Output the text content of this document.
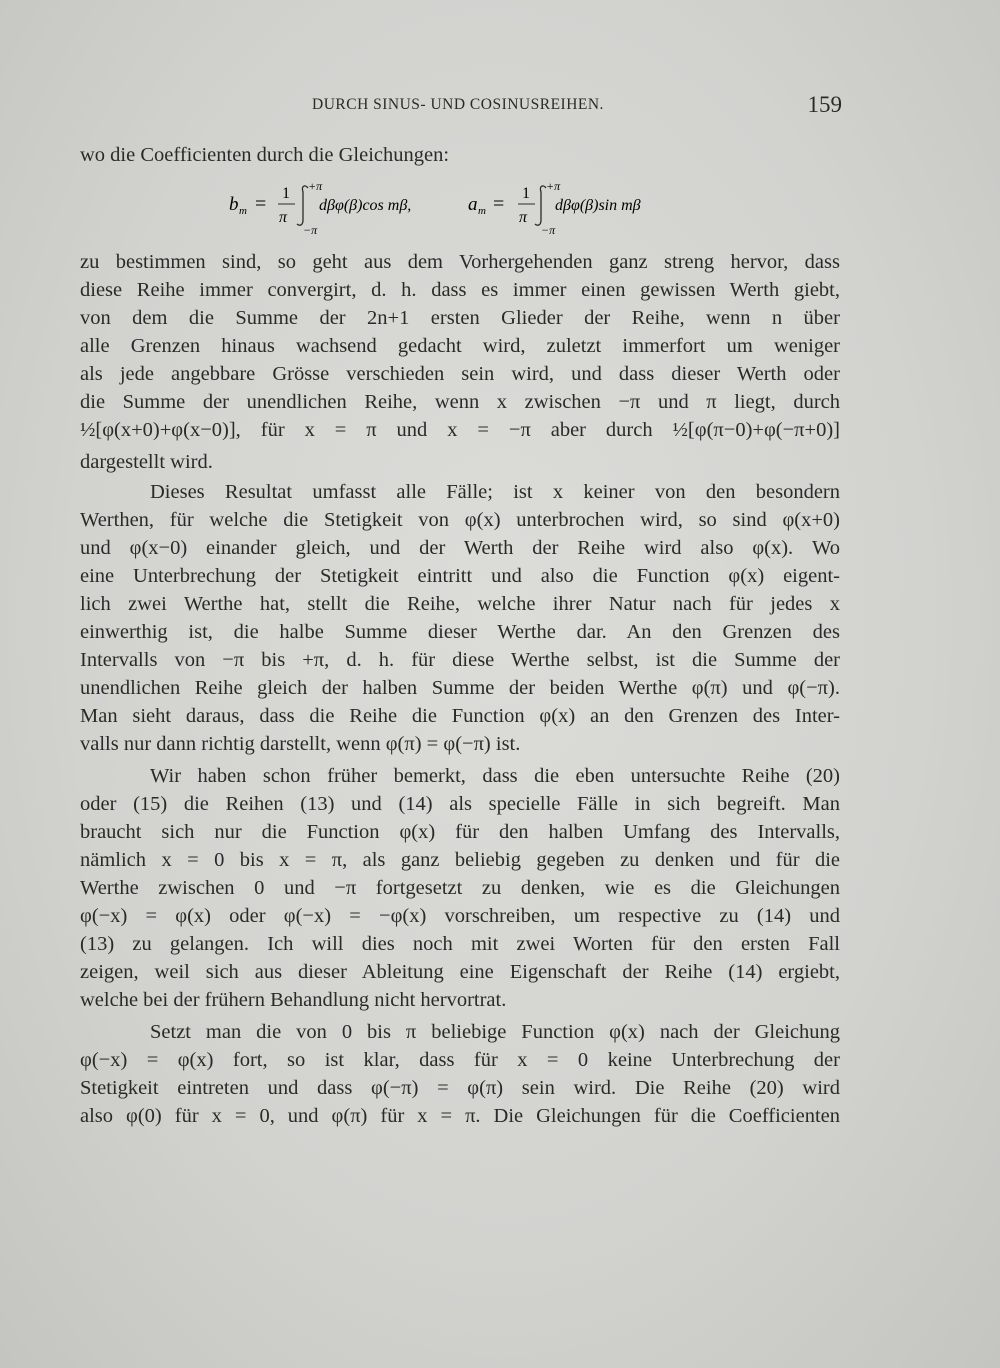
DURCH SINUS- UND COSINUSREIHEN.	159
b m = 1
π
+π
−π
dβφ(β)cos mβ,	a m = 1
π
+π
−π
dβφ(β)sin mβ
wo die Coefficienten durch die Gleichungen:
zu bestimmen sind, so geht aus dem Vorhergehenden ganz streng hervor, dass
diese Reihe immer convergirt, d. h. dass es immer einen gewissen Werth giebt,
von dem die Summe der 2n+1 ersten Glieder der Reihe, wenn n über
alle Grenzen hinaus wachsend gedacht wird, zuletzt immerfort um weniger
als jede angebbare Grösse verschieden sein wird, und dass dieser Werth oder
die Summe der unendlichen Reihe, wenn x zwischen −π und π liegt, durch
½[φ(x+0)+φ(x−0)], für x = π und x = −π aber durch ½[φ(π−0)+φ(−π+0)]
dargestellt wird.
Dieses Resultat umfasst alle Fälle; ist x keiner von den besondern
Werthen, für welche die Stetigkeit von φ(x) unterbrochen wird, so sind φ(x+0)
und φ(x−0) einander gleich, und der Werth der Reihe wird also φ(x). Wo
eine Unterbrechung der Stetigkeit eintritt und also die Function φ(x) eigent-
lich zwei Werthe hat, stellt die Reihe, welche ihrer Natur nach für jedes x
einwerthig ist, die halbe Summe dieser Werthe dar. An den Grenzen des
Intervalls von −π bis +π, d. h. für diese Werthe selbst, ist die Summe der
unendlichen Reihe gleich der halben Summe der beiden Werthe φ(π) und φ(−π).
Man sieht daraus, dass die Reihe die Function φ(x) an den Grenzen des Inter-
valls nur dann richtig darstellt, wenn φ(π) = φ(−π) ist.
Wir haben schon früher bemerkt, dass die eben untersuchte Reihe (20)
oder (15) die Reihen (13) und (14) als specielle Fälle in sich begreift. Man
braucht sich nur die Function φ(x) für den halben Umfang des Intervalls,
nämlich x = 0 bis x = π, als ganz beliebig gegeben zu denken und für die
Werthe zwischen 0 und −π fortgesetzt zu denken, wie es die Gleichungen
φ(−x) = φ(x) oder φ(−x) = −φ(x) vorschreiben, um respective zu (14) und
(13) zu gelangen. Ich will dies noch mit zwei Worten für den ersten Fall
zeigen, weil sich aus dieser Ableitung eine Eigenschaft der Reihe (14) ergiebt,
welche bei der frühern Behandlung nicht hervortrat.
Setzt man die von 0 bis π beliebige Function φ(x) nach der Gleichung
φ(−x) = φ(x) fort, so ist klar, dass für x = 0 keine Unterbrechung der
Stetigkeit eintreten und dass φ(−π) = φ(π) sein wird. Die Reihe (20) wird
also φ(0) für x = 0, und φ(π) für x = π. Die Gleichungen für die Coefficienten
